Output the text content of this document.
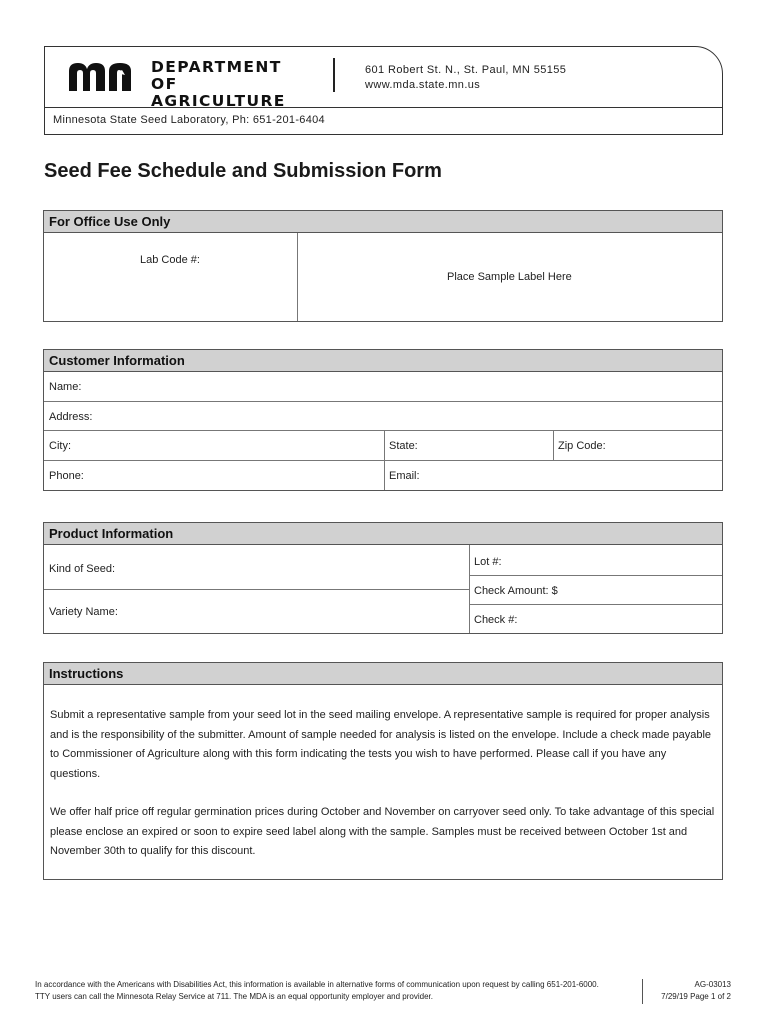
DEPARTMENT OF
AGRICULTURE
601 Robert St. N., St. Paul, MN 55155
www.mda.state.mn.us
Minnesota State Seed Laboratory, Ph: 651-201-6404
Seed Fee Schedule and Submission Form
For Office Use Only
Lab Code #:
Place Sample Label Here
Customer Information
Name:
Address:
City:	State:	Zip Code:
Phone:	Email:
Product Information
Kind of Seed:
Variety Name:
Lot #:
Check Amount: $
Check #:
Instructions

Submit a representative sample from your seed lot in the seed mailing envelope. A representative sample is required for proper analysis and is the responsibility of the submitter. Amount of sample needed for analysis is listed on the envelope. Include a check made payable to Commissioner of Agriculture along with this form indicating the tests you wish to have performed. Please call if you have any questions.

We offer half price off regular germination prices during October and November on carryover seed only. To take advantage of this special please enclose an expired or soon to expire seed label along with the sample. Samples must be received between October 1st and November 30th to qualify for this discount.

In accordance with the Americans with Disabilities Act, this information is available in alternative forms of communication upon request by calling 651-201-6000.
TTY users can call the Minnesota Relay Service at 711. The MDA is an equal opportunity employer and provider.
AG-03013
7/29/19 Page 1 of 2
